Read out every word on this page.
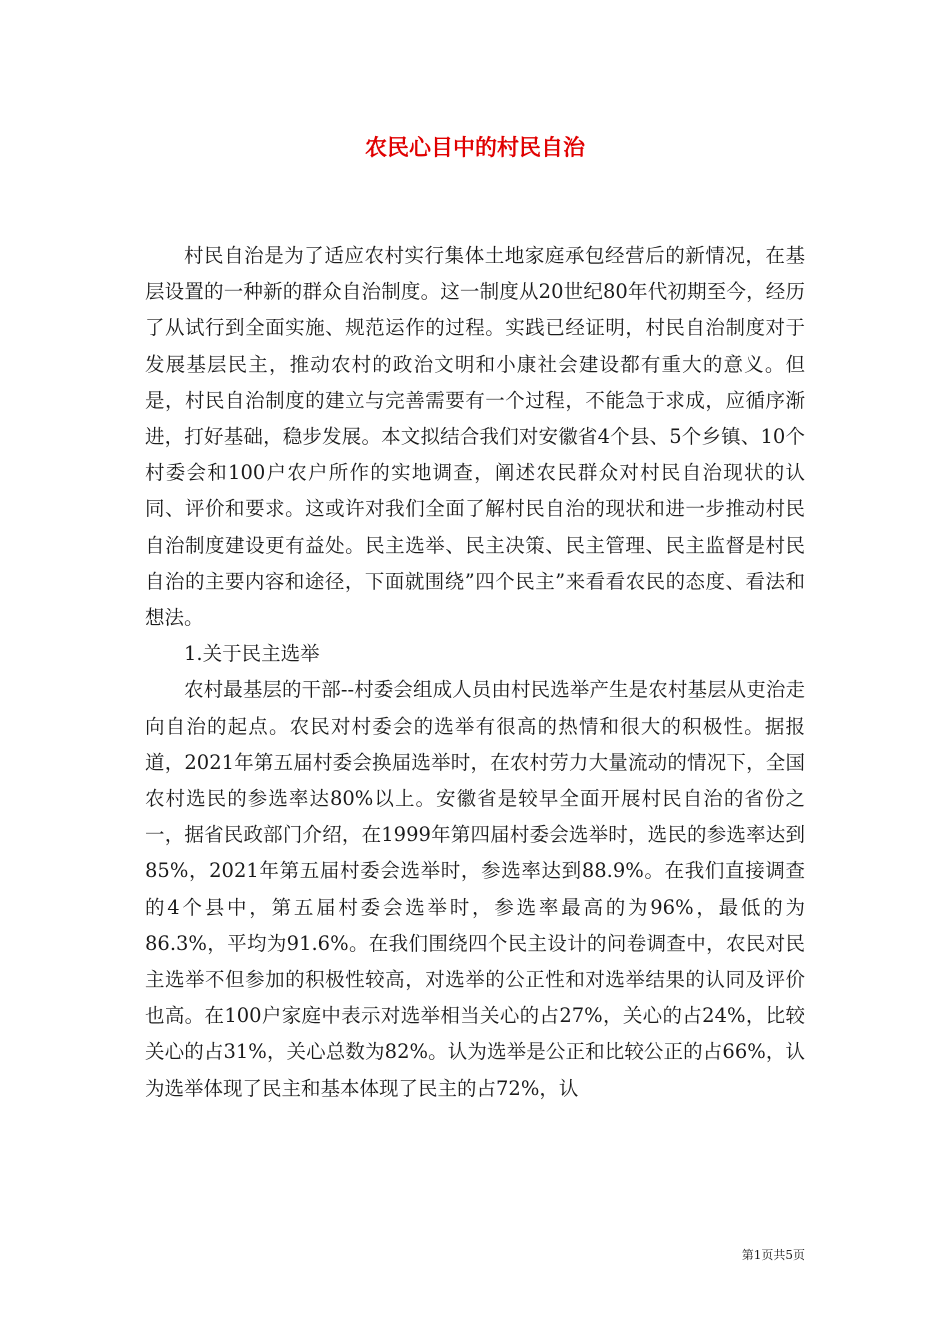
农民心目中的村民自治

村民自治是为了适应农村实行集体土地家庭承包经营后的新情况，在基层设置的一种新的群众自治制度。这一制度从20世纪80年代初期至今，经历了从试行到全面实施、规范运作的过程。实践已经证明，村民自治制度对于发展基层民主，推动农村的政治文明和小康社会建设都有重大的意义。但是，村民自治制度的建立与完善需要有一个过程，不能急于求成，应循序渐进，打好基础，稳步发展。本文拟结合我们对安徽省4个县、5个乡镇、10个村委会和100户农户所作的实地调查，阐述农民群众对村民自治现状的认同、评价和要求。这或许对我们全面了解村民自治的现状和进一步推动村民自治制度建设更有益处。民主选举、民主决策、民主管理、民主监督是村民自治的主要内容和途径，下面就围绕”四个民主”来看看农民的态度、看法和想法。

1.关于民主选举

农村最基层的干部--村委会组成人员由村民选举产生是农村基层从吏治走向自治的起点。农民对村委会的选举有很高的热情和很大的积极性。据报道，2021年第五届村委会换届选举时，在农村劳力大量流动的情况下，全国农村选民的参选率达80%以上。安徽省是较早全面开展村民自治的省份之一，据省民政部门介绍，在1999年第四届村委会选举时，选民的参选率达到85%，2021年第五届村委会选举时，参选率达到88.9%。在我们直接调查的4个县中，第五届村委会选举时，参选率最高的为96%，最低的为86.3%，平均为91.6%。在我们围绕四个民主设计的问卷调查中，农民对民主选举不但参加的积极性较高，对选举的公正性和对选举结果的认同及评价也高。在100户家庭中表示对选举相当关心的占27%，关心的占24%，比较关心的占31%，关心总数为82%。认为选举是公正和比较公正的占66%，认为选举体现了民主和基本体现了民主的占72%，认

第1页共5页
